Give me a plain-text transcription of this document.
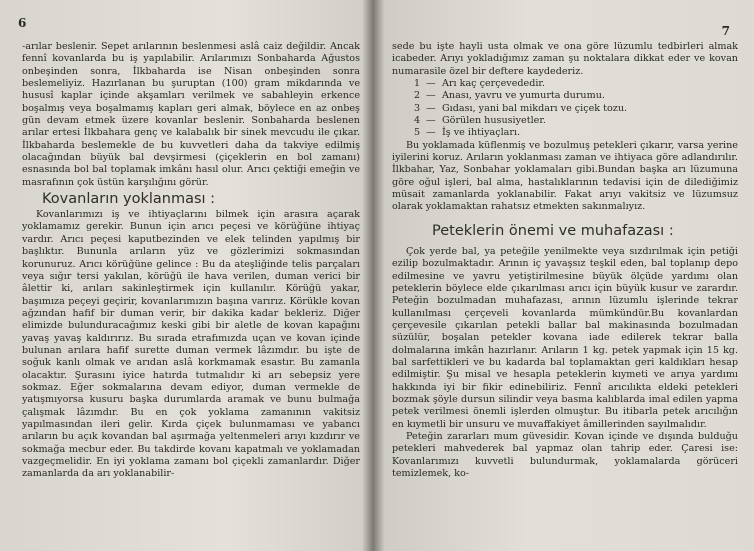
6

-arılar beslenir. Sepet arılarının beslenmesi aslâ caiz değildir. Ancak fennî kovanlarda bu iş yapılabilir. Arılarımızı Sonbaharda Ağustos onbeşinden sonra, İlkbaharda ise Nisan onbeşinden sonra beslemeliyiz. Hazırlanan bu şuruptan (100) gram mikdarında ve hususî kaplar içinde akşamları verilmek ve sabahleyin erkence boşalmış veya boşalmamış kapları geri almak, böylece en az onbeş gün devam etmek üzere kovanlar beslenir. Sonbaharda beslenen arılar ertesi İlkbahara genç ve kalabalık bir sinek mevcudu ile çıkar. İlkbaharda beslemekle de bu kuvvetleri daha da takviye edilmiş olacağından büyük bal devşirmesi (çiçeklerin en bol zamanı) esnasında bol bal toplamak imkânı hasıl olur. Arıcı çektiği emeğin ve masrafının çok üstün karşılığını görür.

Kovanların yoklanması :

Kovanlarımızı iş ve ihtiyaçlarını bilmek için arasıra açarak yoklamamız gerekir. Bunun için arıcı peçesi ve körüğüne ihtiyaç vardır. Arıcı peçesi kaputbezinden ve elek telinden yapılmış bir başlıktır. Bununla arıların yüz ve gözlerimizi sokmasından korunuruz. Arıcı körüğüne gelince : Bu da ateşliğinde telis parçaları veya sığır tersi yakılan, körüğü ile hava verilen, duman verici bir âlettir ki, arıları sakinleştirmek için kullanılır. Körüğü yakar, başımıza peçeyi geçirir, kovanlarımızın başına varırız. Körükle kovan ağzından hafif bir duman verir, bir dakika kadar bekleriz. Diğer elimizde bulunduracağımız keski gibi bir aletle de kovan kapağını yavaş yavaş kaldırırız. Bu sırada etrafımızda uçan ve kovan içinde bulunan arılara hafif surette duman vermek lâzımdır. bu işte de soğuk kanlı olmak ve arıdan aslâ korkmamak esastır. Bu zamanla olacaktır. Şurasını iyice hatırda tutmalıdır ki arı sebepsiz yere sokmaz. Eğer sokmalarına devam ediyor, duman vermekle de yatışmıyorsa kusuru başka durumlarda aramak ve bunu bulmağa çalışmak lâzımdır. Bu en çok yoklama zamanının vakitsiz yapılmasından ileri gelir. Kırda çiçek bulunmaması ve yabancı arıların bu açık kovandan bal aşırmağa yeltenmeleri arıyı kızdırır ve sokmağa mecbur eder. Bu takdirde kovanı kapatmalı ve yoklamadan vazgeçmelidir. En iyi yoklama zamanı bol çiçekli zamanlardır. Diğer zamanlarda da arı yoklanabilir-

7

sede bu işte hayli usta olmak ve ona göre lüzumlu tedbirleri almak icabeder. Arıyı yokladığımız zaman şu noktalara dikkat eder ve kovan numarasile özel bir deftere kaydederiz.

1 — Arı kaç çerçevededir.
2 — Anası, yavru ve yumurta durumu.
3 — Gıdası, yani bal mikdarı ve çiçek tozu.
4 — Görülen hususiyetler.
5 — İş ve ihtiyaçları.

Bu yoklamada küflenmiş ve bozulmuş petekleri çıkarır, varsa yerine iyilerini koruz. Arıların yoklanması zaman ve ihtiyaca göre adlandırılır. İlkbahar, Yaz, Sonbahar yoklamaları gibi.Bundan başka arı lüzumuna göre oğul işleri, bal alma, hastalıklarının tedavisi için de dilediğimiz müsait zamanlarda yoklanabilir. Fakat arıyı vakitsiz ve lüzumsuz olarak yoklamaktan rahatsız etmekten sakınmalıyız.

Peteklerin önemi ve muhafazası :

Çok yerde bal, ya peteğile yenilmekte veya sızdırılmak için petiği ezilip bozulmaktadır. Arının iç yavaşsız teşkil eden, bal toplanıp depo edilmesine ve yavru yetiştirilmesine büyük ölçüde yardımı olan peteklerin böylece elde çıkarılması arıcı için büyük kusur ve zarardır. Peteğin bozulmadan muhafazası, arının lüzumlu işlerinde tekrar kullanılması çerçeveli kovanlarda mümkündür.Bu kovanlardan çerçevesile çıkarılan petekli ballar bal makinasında bozulmadan süzülür, boşalan petekler kovana iade edilerek tekrar balla dolmalarına imkân hazırlanır. Arıların 1 kg. petek yapmak için 15 kg. bal sarfettikleri ve bu kadarda bal toplamaktan geri kaldıkları hesap edilmiştir. Şu misal ve hesapla peteklerin kıymeti ve arıya yardımı hakkında iyi bir fikir edinebiliriz. Fennî arıcılıkta eldeki petekleri bozmak şöyle dursun silindir veya basma kalıblarda imal edilen yapma petek verilmesi önemli işlerden olmuştur. Bu itibarla petek arıcılığın en kıymetli bir unsuru ve muvaffakiyet âmillerinden sayılmalıdır.

Peteğin zararları mum güvesidir. Kovan içinde ve dışında bulduğu petekleri mahvederek bal yapmaz olan tahrip eder. Çaresi ise: Kovanlarımızı kuvvetli bulundurmak, yoklamalarda görüceri temizlemek, ko-
